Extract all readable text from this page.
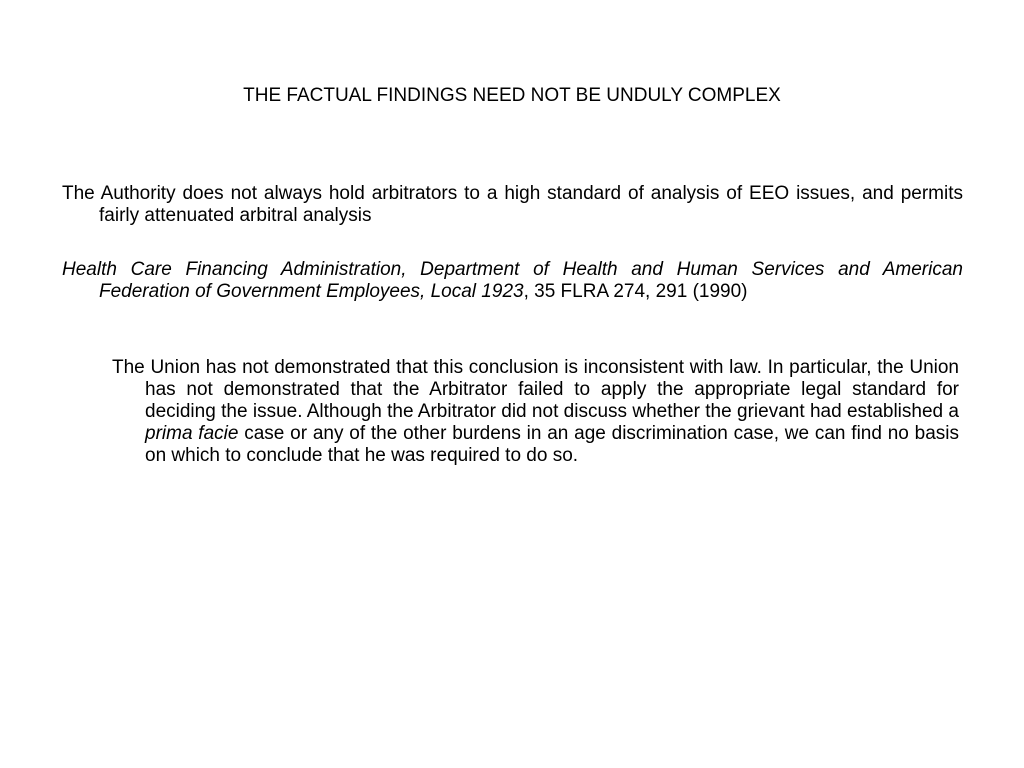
THE FACTUAL FINDINGS NEED NOT BE UNDULY COMPLEX
The Authority does not always hold arbitrators to a high standard of analysis of EEO issues, and permits fairly attenuated arbitral analysis
Health Care Financing Administration, Department of Health and Human Services and American Federation of Government Employees, Local 1923, 35 FLRA 274, 291 (1990)
The Union has not demonstrated that this conclusion is inconsistent with law. In particular, the Union has not demonstrated that the Arbitrator failed to apply the appropriate legal standard for deciding the issue. Although the Arbitrator did not discuss whether the grievant had established a prima facie case or any of the other burdens in an age discrimination case, we can find no basis on which to conclude that he was required to do so.
